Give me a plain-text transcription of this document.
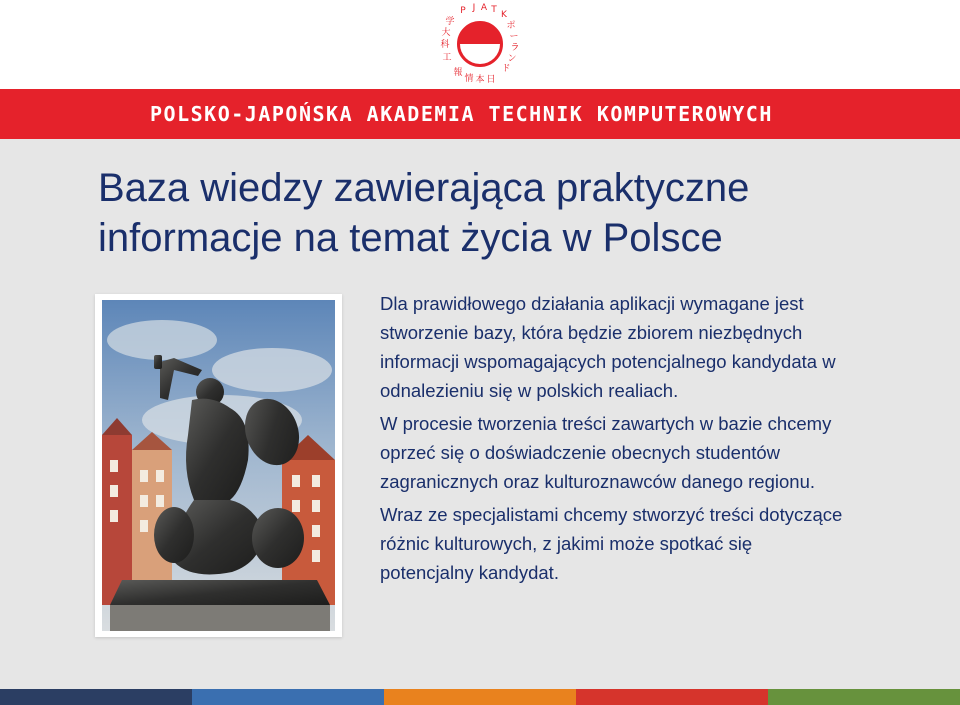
学
P J A T K
ポ
ー
ラ
ン
ド
日
本
情
報
工
科
大
POLSKO-JAPOŃSKA AKADEMIA TECHNIK KOMPUTEROWYCH
Baza wiedzy zawierająca praktyczne
informacje na temat życia w Polsce

Dla prawidłowego działania aplikacji wymagane jest stworzenie bazy, która będzie zbiorem niezbędnych informacji wspomagających potencjalnego kandydata w odnalezieniu się w polskich realiach.

W procesie tworzenia treści zawartych w bazie chcemy oprzeć się o doświadczenie obecnych studentów zagranicznych oraz kulturoznawców danego regionu.

Wraz ze specjalistami chcemy stworzyć treści dotyczące różnic kulturowych, z jakimi może spotkać się potencjalny kandydat.
